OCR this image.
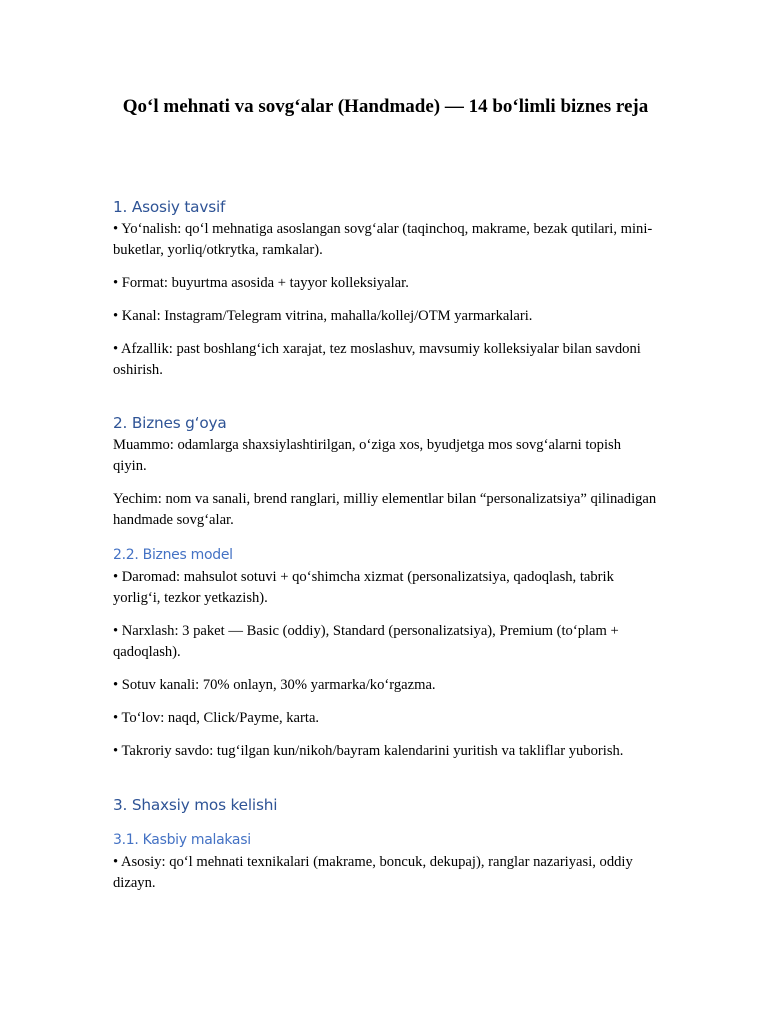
Qo‘l mehnati va sovg‘alar (Handmade) — 14 bo‘limli biznes reja
1. Asosiy tavsif

• Yo‘nalish: qo‘l mehnatiga asoslangan sovg‘alar (taqinchoq, makrame, bezak qutilari, mini-buketlar, yorliq/otkrytka, ramkalar).

• Format: buyurtma asosida + tayyor kolleksiyalar.

• Kanal: Instagram/Telegram vitrina, mahalla/kollej/OTM yarmarkalari.

• Afzallik: past boshlang‘ich xarajat, tez moslashuv, mavsumiy kolleksiyalar bilan savdoni oshirish.

2. Biznes g‘oya

Muammo: odamlarga shaxsiylashtirilgan, o‘ziga xos, byudjetga mos sovg‘alarni topish qiyin.

Yechim: nom va sanali, brend ranglari, milliy elementlar bilan “personalizatsiya” qilinadigan handmade sovg‘alar.

2.2. Biznes model

• Daromad: mahsulot sotuvi + qo‘shimcha xizmat (personalizatsiya, qadoqlash, tabrik yorlig‘i, tezkor yetkazish).

• Narxlash: 3 paket — Basic (oddiy), Standard (personalizatsiya), Premium (to‘plam + qadoqlash).

• Sotuv kanali: 70% onlayn, 30% yarmarka/ko‘rgazma.

• To‘lov: naqd, Click/Payme, karta.

• Takroriy savdo: tug‘ilgan kun/nikoh/bayram kalendarini yuritish va takliflar yuborish.

3. Shaxsiy mos kelishi
3.1. Kasbiy malakasi

• Asosiy: qo‘l mehnati texnikalari (makrame, boncuk, dekupaj), ranglar nazariyasi, oddiy dizayn.
